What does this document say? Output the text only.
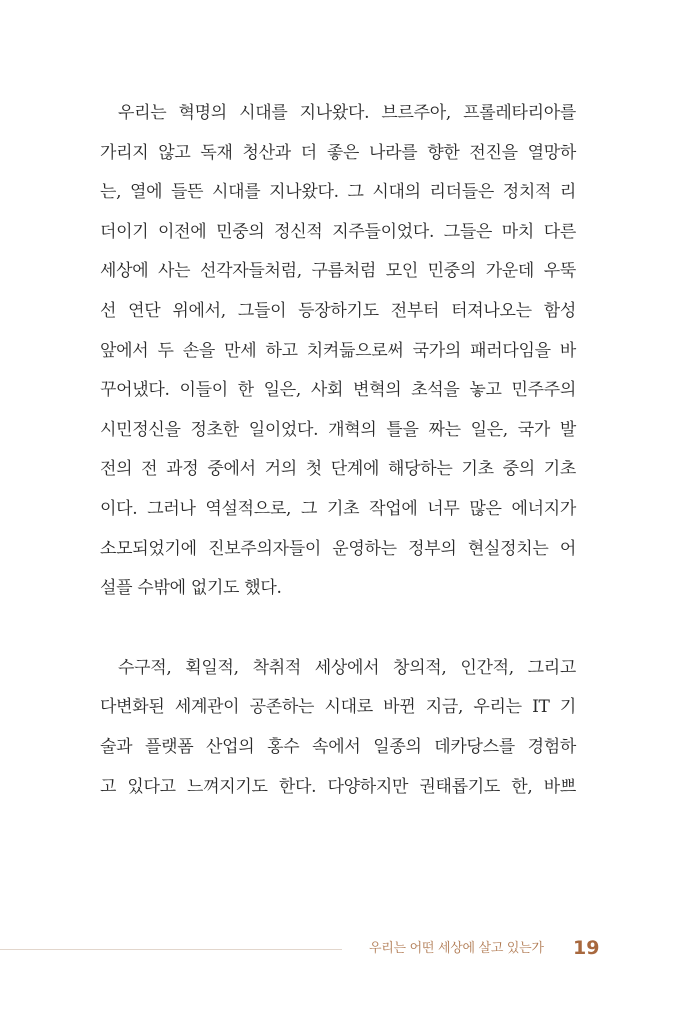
우리는 혁명의 시대를 지나왔다. 브르주아, 프롤레타리아를
가리지 않고 독재 청산과 더 좋은 나라를 향한 전진을 열망하
는, 열에 들뜬 시대를 지나왔다. 그 시대의 리더들은 정치적 리
더이기 이전에 민중의 정신적 지주들이었다. 그들은 마치 다른
세상에 사는 선각자들처럼, 구름처럼 모인 민중의 가운데 우뚝
선 연단 위에서, 그들이 등장하기도 전부터 터져나오는 함성
앞에서 두 손을 만세 하고 치켜듦으로써 국가의 패러다임을 바
꾸어냈다. 이들이 한 일은, 사회 변혁의 초석을 놓고 민주주의
시민정신을 정초한 일이었다. 개혁의 틀을 짜는 일은, 국가 발
전의 전 과정 중에서 거의 첫 단계에 해당하는 기초 중의 기초
이다. 그러나 역설적으로, 그 기초 작업에 너무 많은 에너지가
소모되었기에 진보주의자들이 운영하는 정부의 현실정치는 어
설플 수밖에 없기도 했다.
수구적, 획일적, 착취적 세상에서 창의적, 인간적, 그리고
다변화된 세계관이 공존하는 시대로 바뀐 지금, 우리는 IT 기
술과 플랫폼 산업의 홍수 속에서 일종의 데카당스를 경험하
고 있다고 느껴지기도 한다. 다양하지만 권태롭기도 한, 바쁘
우리는 어떤 세상에 살고 있는가 19
